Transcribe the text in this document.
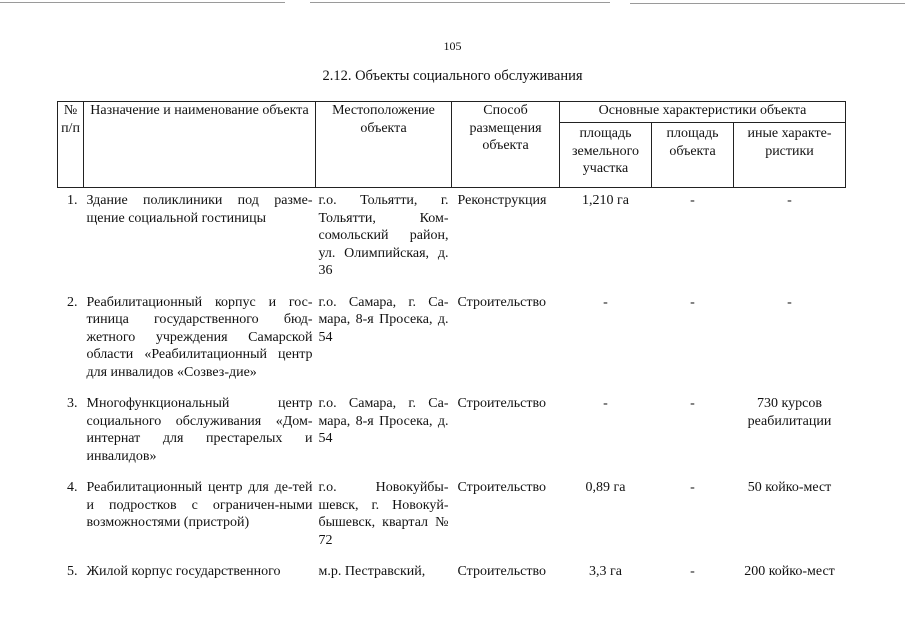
105
2.12. Объекты социального обслуживания
№ п/п	Назначение и наименование объекта	Местоположение объекта	Способ размещения объекта	Основные характеристики объекта		
				площадь земельного участка	площадь объекта	иные характе-ристики

1.	Здание поликлиники под разме-щение социальной гостиницы	г.о. Тольятти, г. Тольятти, Ком-сомольский район, ул. Олимпийская, д. 36	Реконструкция	1,210 га	-	-

2.	Реабилитационный корпус и гос-тиница государственного бюд-жетного учреждения Самарской области «Реабилитационный центр для инвалидов «Созвез-дие»	г.о. Самара, г. Са-мара, 8-я Просека, д. 54	Строительство	-	-	-

3.	Многофункциональный центр социального обслуживания «Дом-интернат для престарелых и инвалидов»	г.о. Самара, г. Са-мара, 8-я Просека, д. 54	Строительство	-	-	730 курсов реабилитации

4.	Реабилитационный центр для де-тей и подростков с ограничен-ными возможностями (пристрой)	г.о. Новокуйбы-шевск, г. Новокуй-бышевск, квартал № 72	Строительство	0,89 га	-	50 койко-мест

5.	Жилой корпус государственного	м.р. Пестравский,	Строительство	3,3 га	-	200 койко-мест
